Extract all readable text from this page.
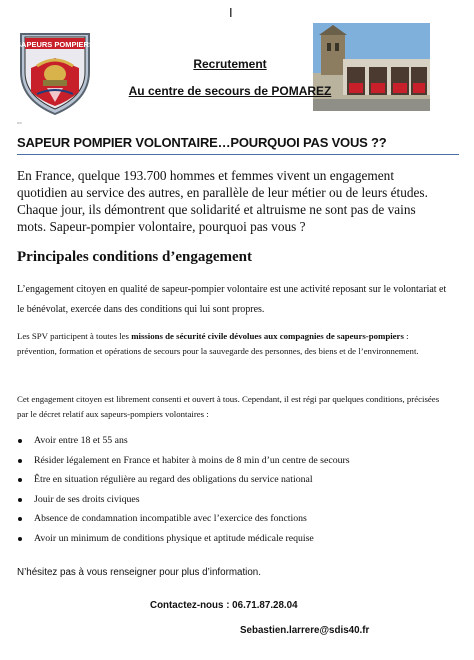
I
SAPEURS POMPIERS
Recrutement
Au centre de secours de POMAREZ
°°
SAPEUR POMPIER VOLONTAIRE…POURQUOI PAS VOUS ??
En France, quelque 193.700 hommes et femmes vivent un engagement quotidien au service des autres, en parallèle de leur métier ou de leurs études. Chaque jour, ils démontrent que solidarité et altruisme ne sont pas de vains mots. Sapeur-pompier volontaire, pourquoi pas vous ?
Principales conditions d’engagement
L’engagement citoyen en qualité de sapeur-pompier volontaire est une activité reposant sur le volontariat et le bénévolat, exercée dans des conditions qui lui sont propres.
Les SPV participent à toutes les missions de sécurité civile dévolues aux compagnies de sapeurs-pompiers : prévention, formation et opérations de secours pour la sauvegarde des personnes, des biens et de l’environnement.
Cet engagement citoyen est librement consenti et ouvert à tous. Cependant, il est régi par quelques conditions, précisées par le décret relatif aux sapeurs-pompiers volontaires :
Avoir entre 18 et 55 ans
Résider légalement en France et habiter à moins de 8 min d’un centre de secours
Être en situation régulière au regard des obligations du service national
Jouir de ses droits civiques
Absence de condamnation incompatible avec l’exercice des fonctions
Avoir un minimum de conditions physique et aptitude médicale requise
N’hésitez pas à vous renseigner pour plus d’information.
Contactez-nous : 06.71.87.28.04
Sebastien.larrere@sdis40.fr
